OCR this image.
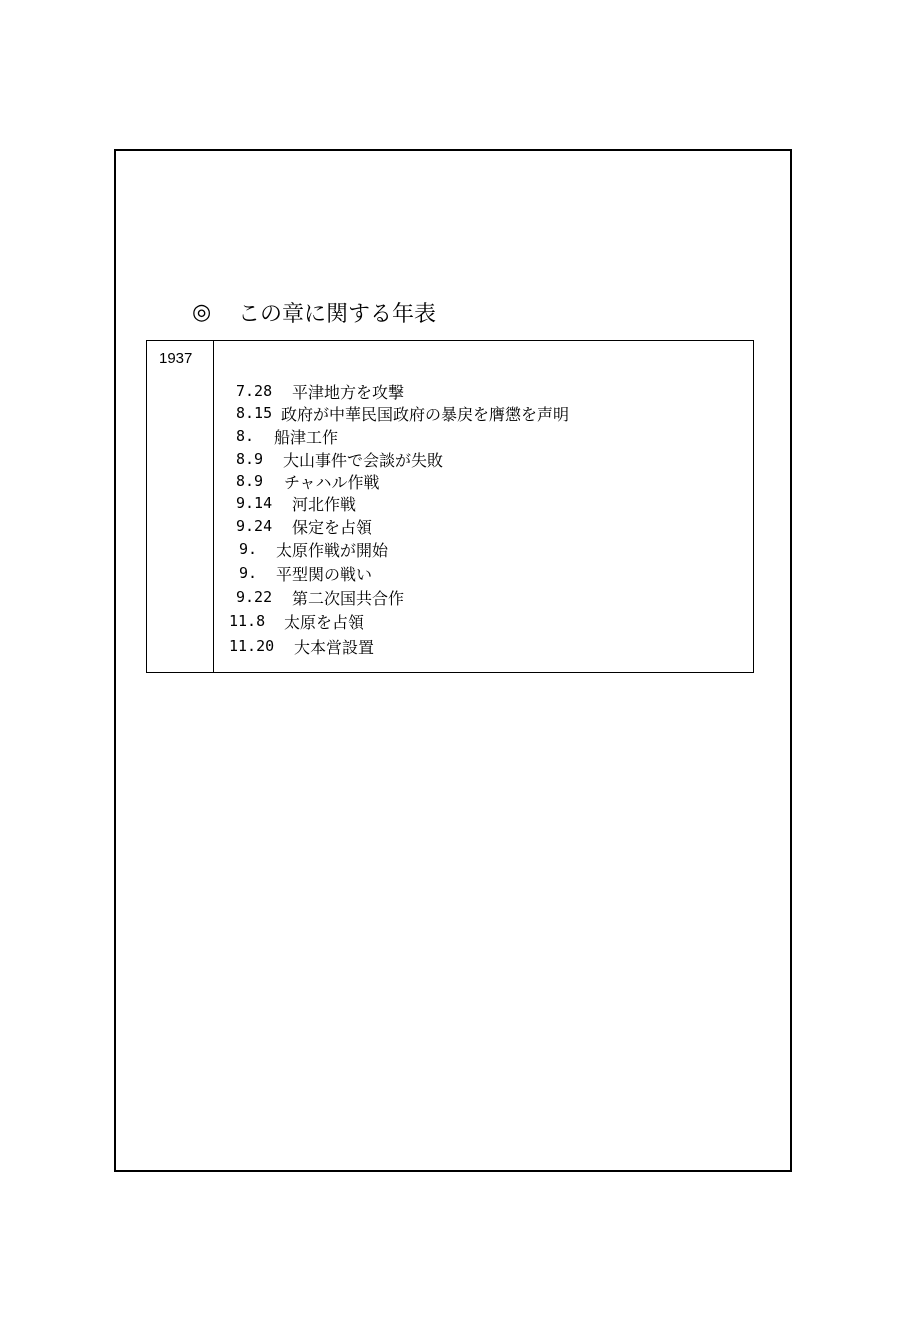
◎	この章に関する年表
1937
7.28	平津地方を攻撃
8.15 政府が中華民国政府の暴戻を膺懲を声明
8.	船津工作
8.9	大山事件で会談が失敗
8.9	チャハル作戦
9.14	河北作戦
9.24	保定を占領
9.	太原作戦が開始
9.	平型関の戦い
9.22	第二次国共合作
11.8	太原を占領
11.20	大本営設置
